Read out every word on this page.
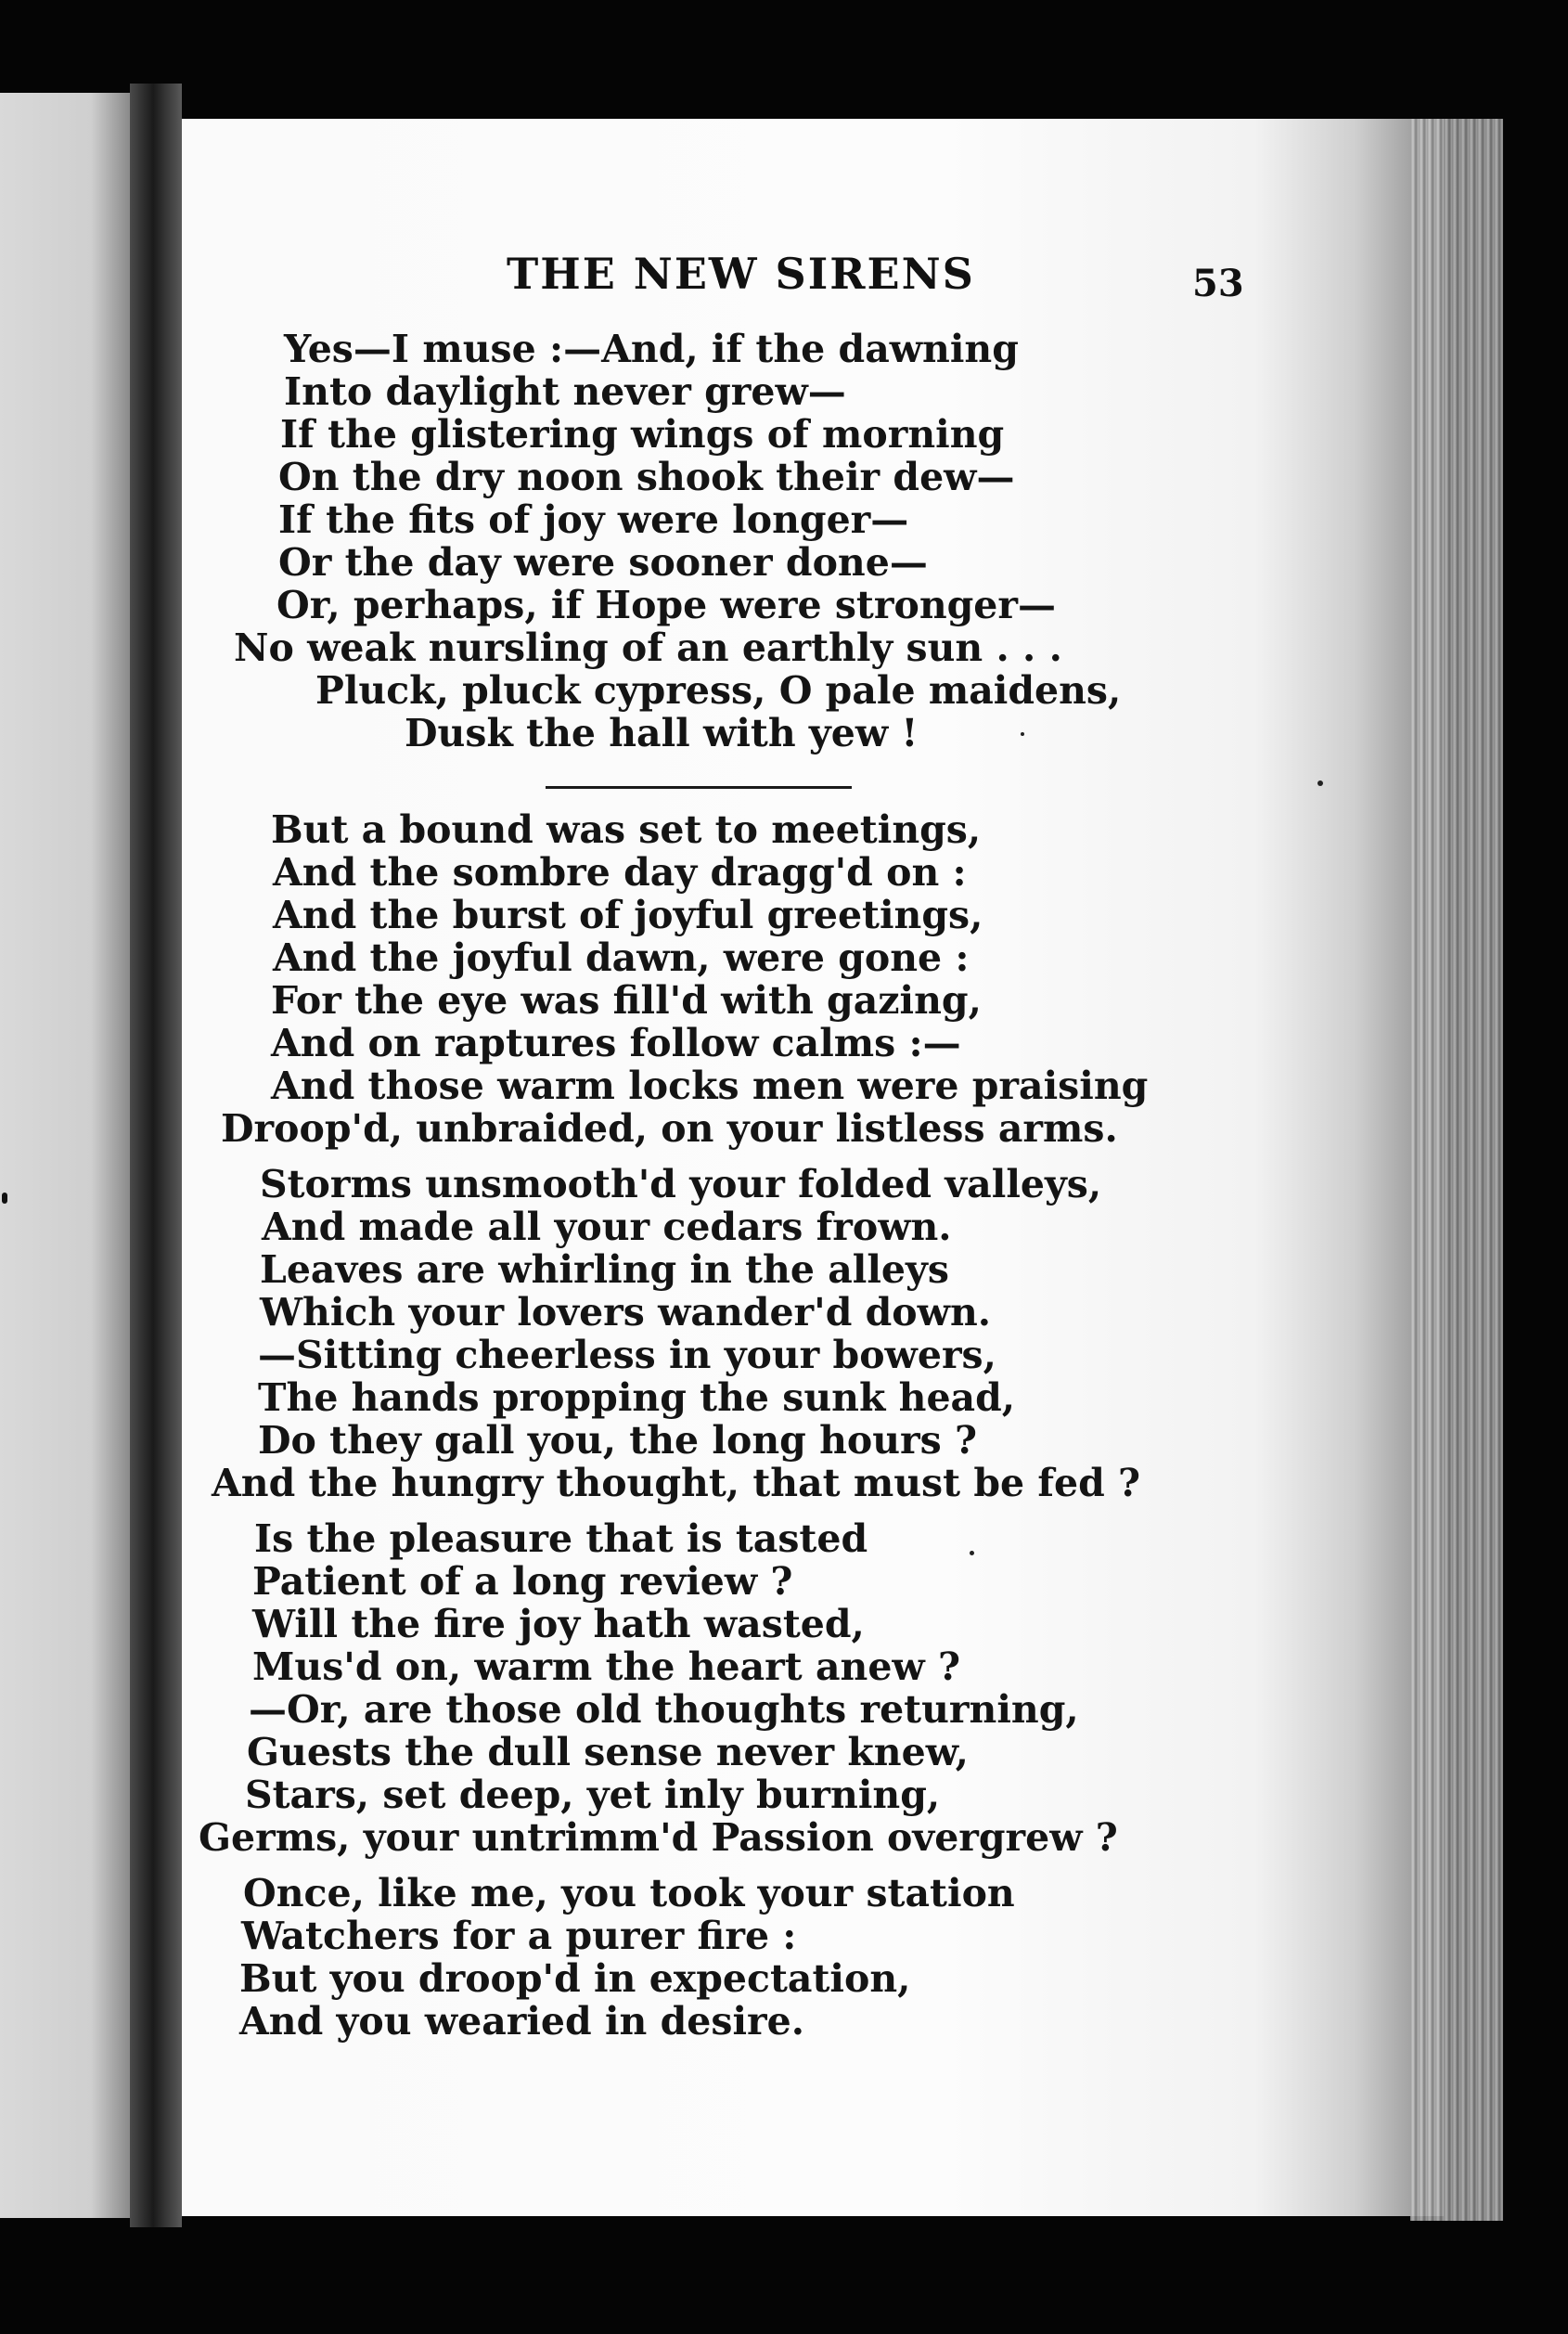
THE NEW SIRENS	53
Yes—I muse :—And, if the dawning
Into daylight never grew—
If the glistering wings of morning
On the dry noon shook their dew—
If the fits of joy were longer—
Or the day were sooner done—
Or, perhaps, if Hope were stronger—
No weak nursling of an earthly sun . . .
Pluck, pluck cypress, O pale maidens,
Dusk the hall with yew !
But a bound was set to meetings,
And the sombre day dragg'd on :
And the burst of joyful greetings,
And the joyful dawn, were gone :
For the eye was fill'd with gazing,
And on raptures follow calms :—
And those warm locks men were praising
Droop'd, unbraided, on your listless arms.
Storms unsmooth'd your folded valleys,
And made all your cedars frown.
Leaves are whirling in the alleys
Which your lovers wander'd down.
—Sitting cheerless in your bowers,
The hands propping the sunk head,
Do they gall you, the long hours ?
And the hungry thought, that must be fed ?
Is the pleasure that is tasted
Patient of a long review ?
Will the fire joy hath wasted,
Mus'd on, warm the heart anew ?
—Or, are those old thoughts returning,
Guests the dull sense never knew,
Stars, set deep, yet inly burning,
Germs, your untrimm'd Passion overgrew ?
Once, like me, you took your station
Watchers for a purer fire :
But you droop'd in expectation,
And you wearied in desire.
